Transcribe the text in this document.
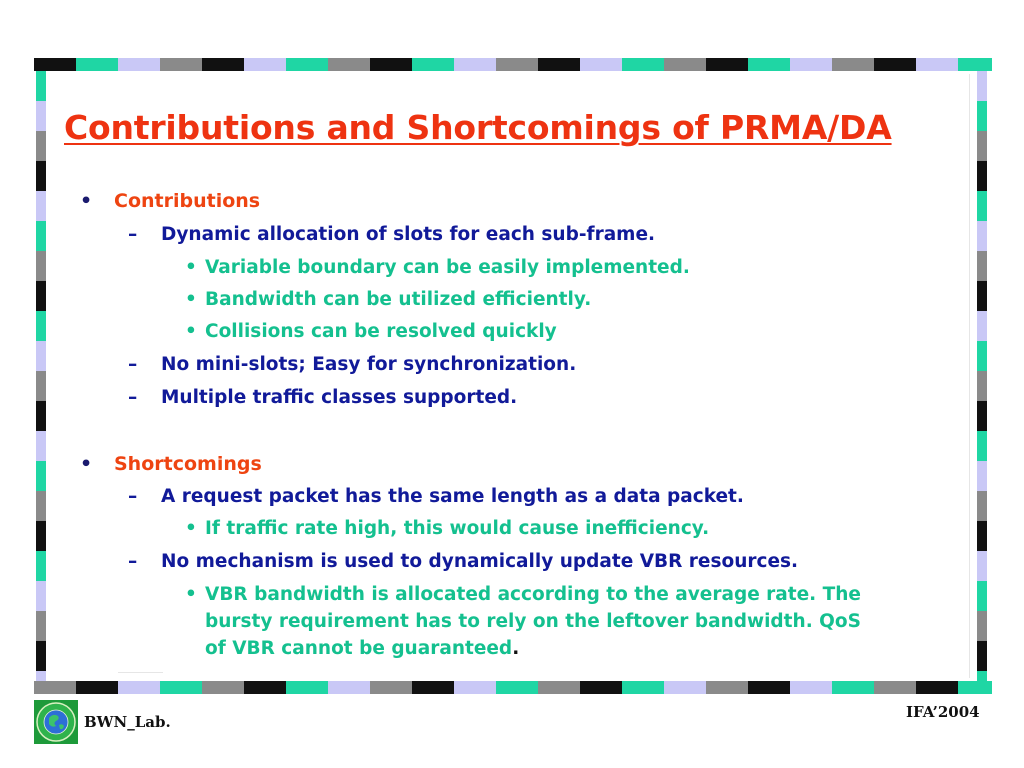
Contributions and Shortcomings of PRMA/DA
• Contributions
– Dynamic allocation of slots for each sub-frame.
• Variable boundary can be easily implemented.
• Bandwidth can be utilized efficiently.
• Collisions can be resolved quickly
– No mini-slots; Easy for synchronization.
– Multiple traffic classes supported.
• Shortcomings
– A request packet has the same length as a data packet.
• If traffic rate high, this would cause inefficiency.
– No mechanism is used to dynamically update VBR resources.
• VBR bandwidth is allocated according to the average rate. The
bursty requirement has to rely on the leftover bandwidth. QoS
of VBR cannot be guaranteed.
BWN_Lab.
IFA’2004
